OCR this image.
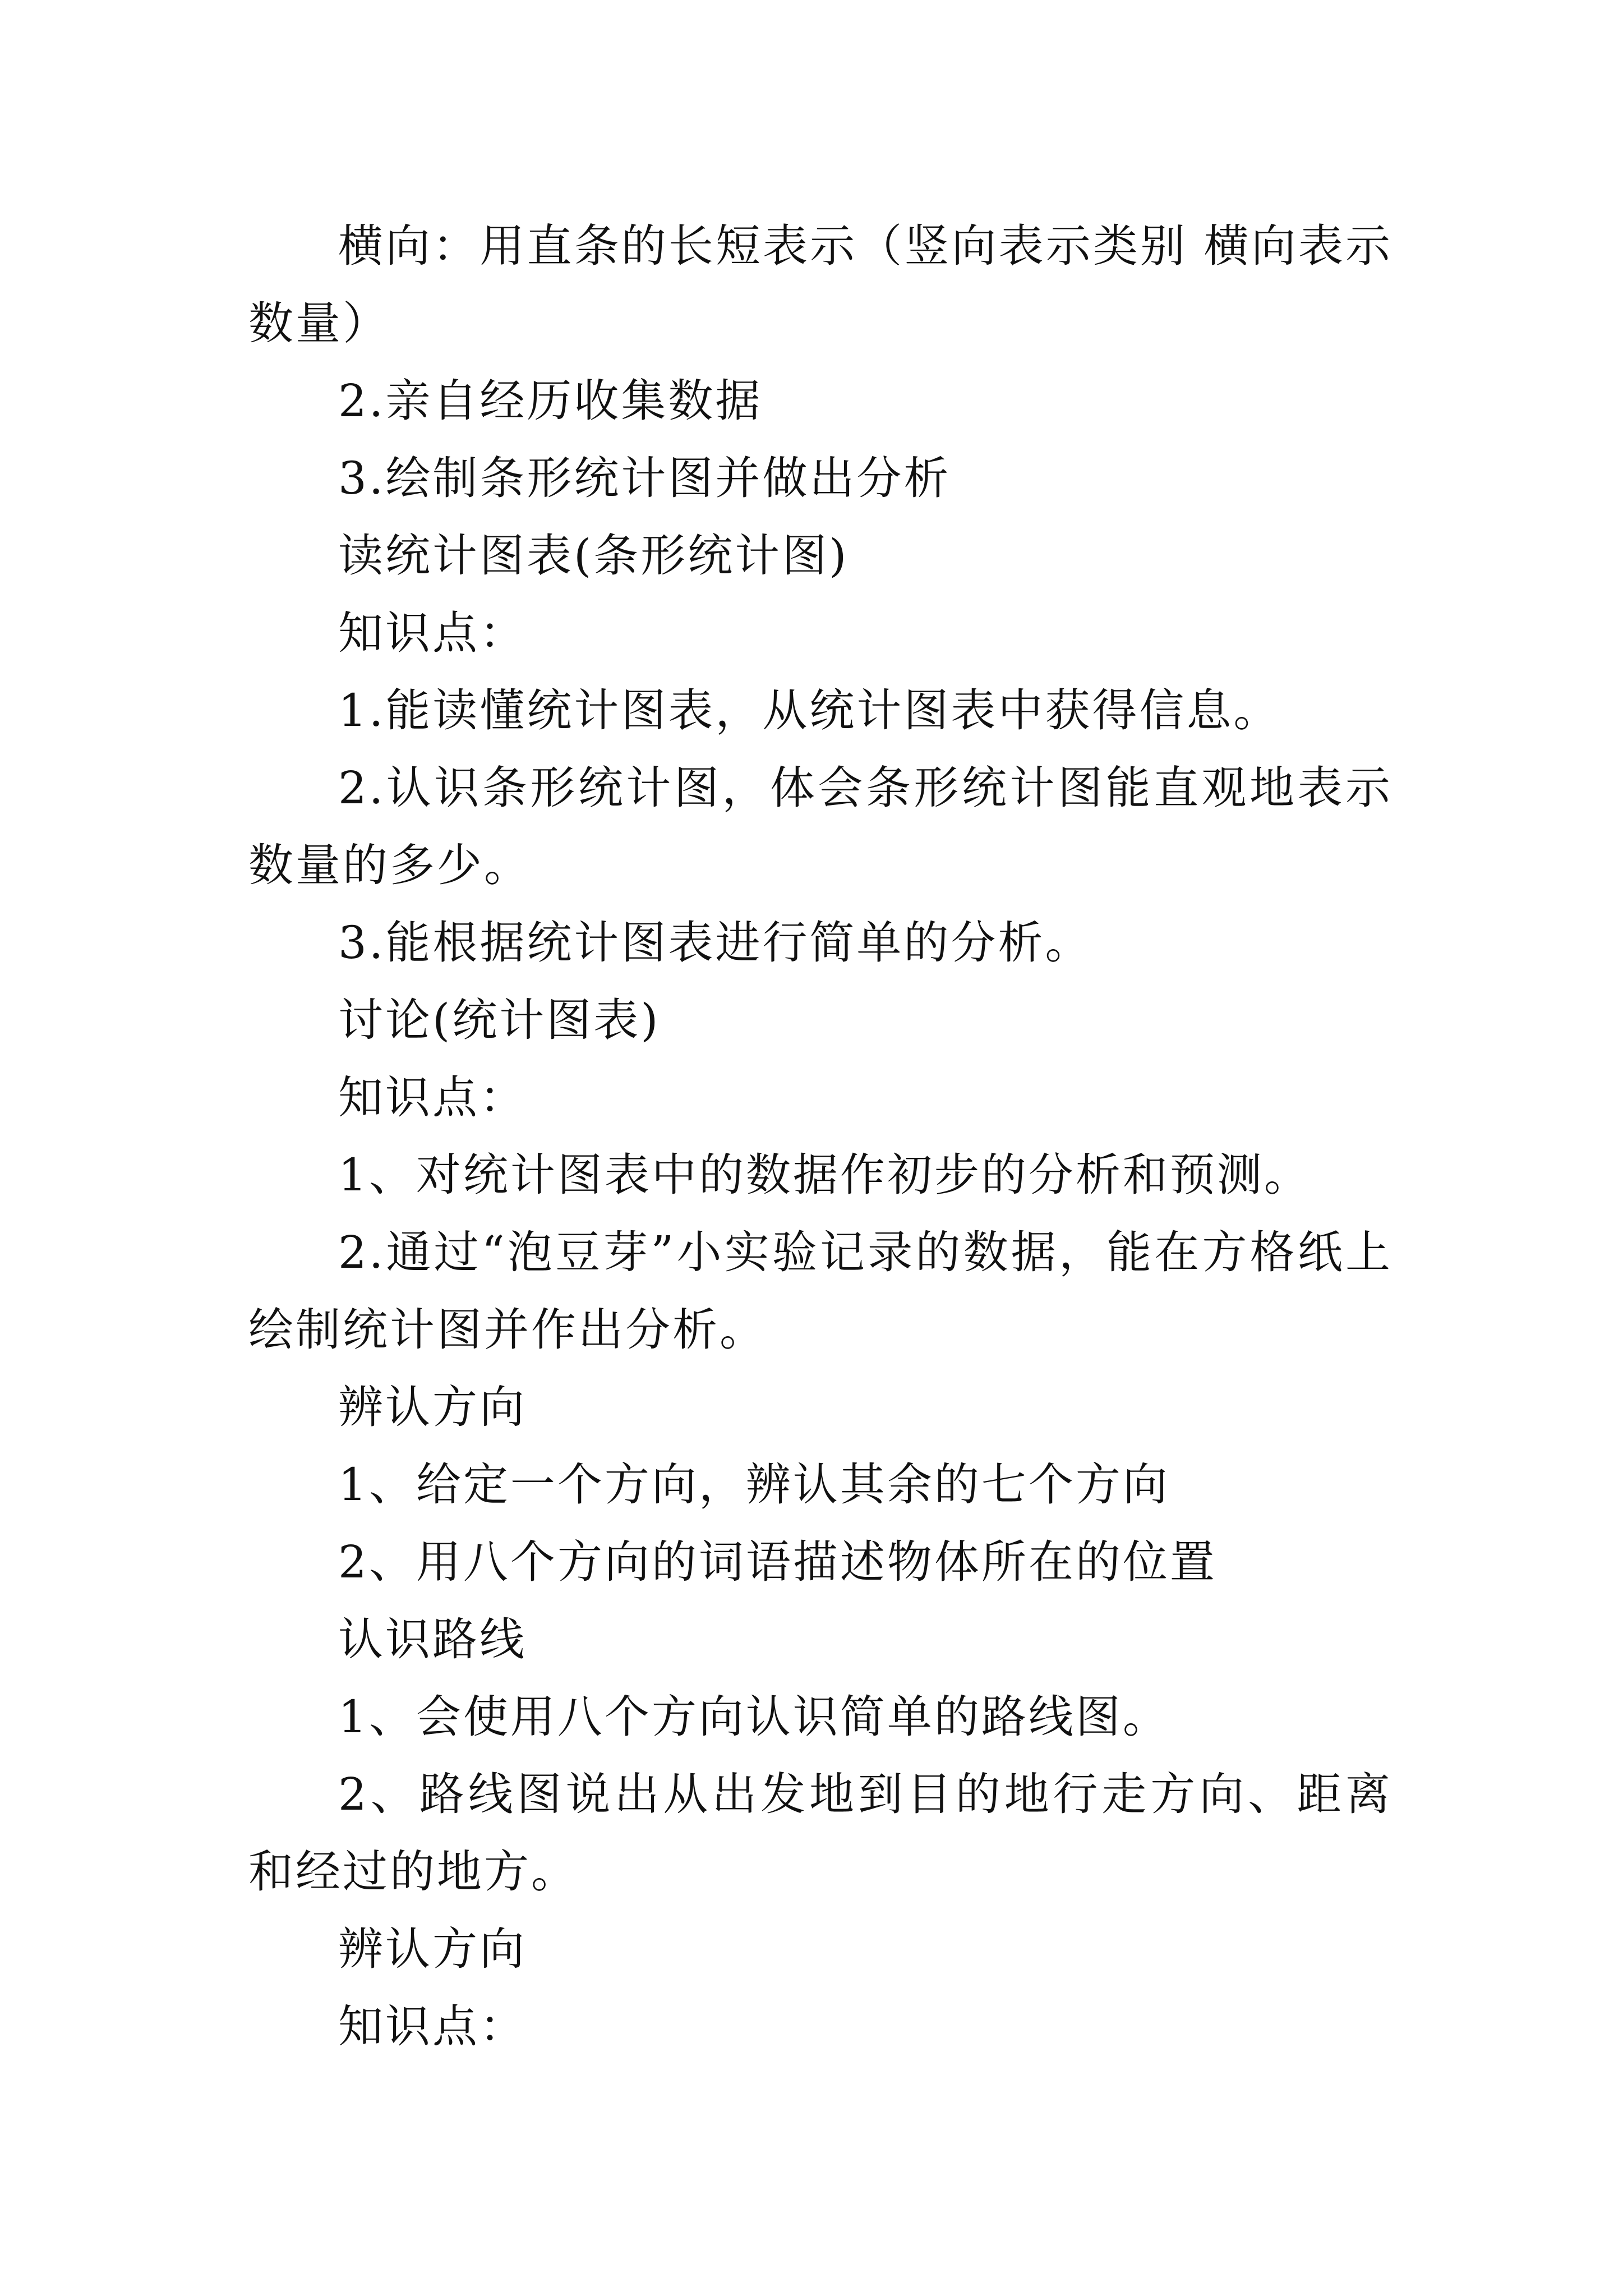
横向：用直条的长短表示（竖向表示类别 横向表示数量）

2.亲自经历收集数据

3.绘制条形统计图并做出分析

读统计图表(条形统计图)

知识点：

1.能读懂统计图表，从统计图表中获得信息。

2.认识条形统计图，体会条形统计图能直观地表示数量的多少。

3.能根据统计图表进行简单的分析。

讨论(统计图表)

知识点：

1、对统计图表中的数据作初步的分析和预测。

2.通过“泡豆芽”小实验记录的数据，能在方格纸上绘制统计图并作出分析。

辨认方向

1、给定一个方向，辨认其余的七个方向

2、用八个方向的词语描述物体所在的位置

认识路线

1、会使用八个方向认识简单的路线图。

2、路线图说出从出发地到目的地行走方向、距离和经过的地方。

辨认方向

知识点：
